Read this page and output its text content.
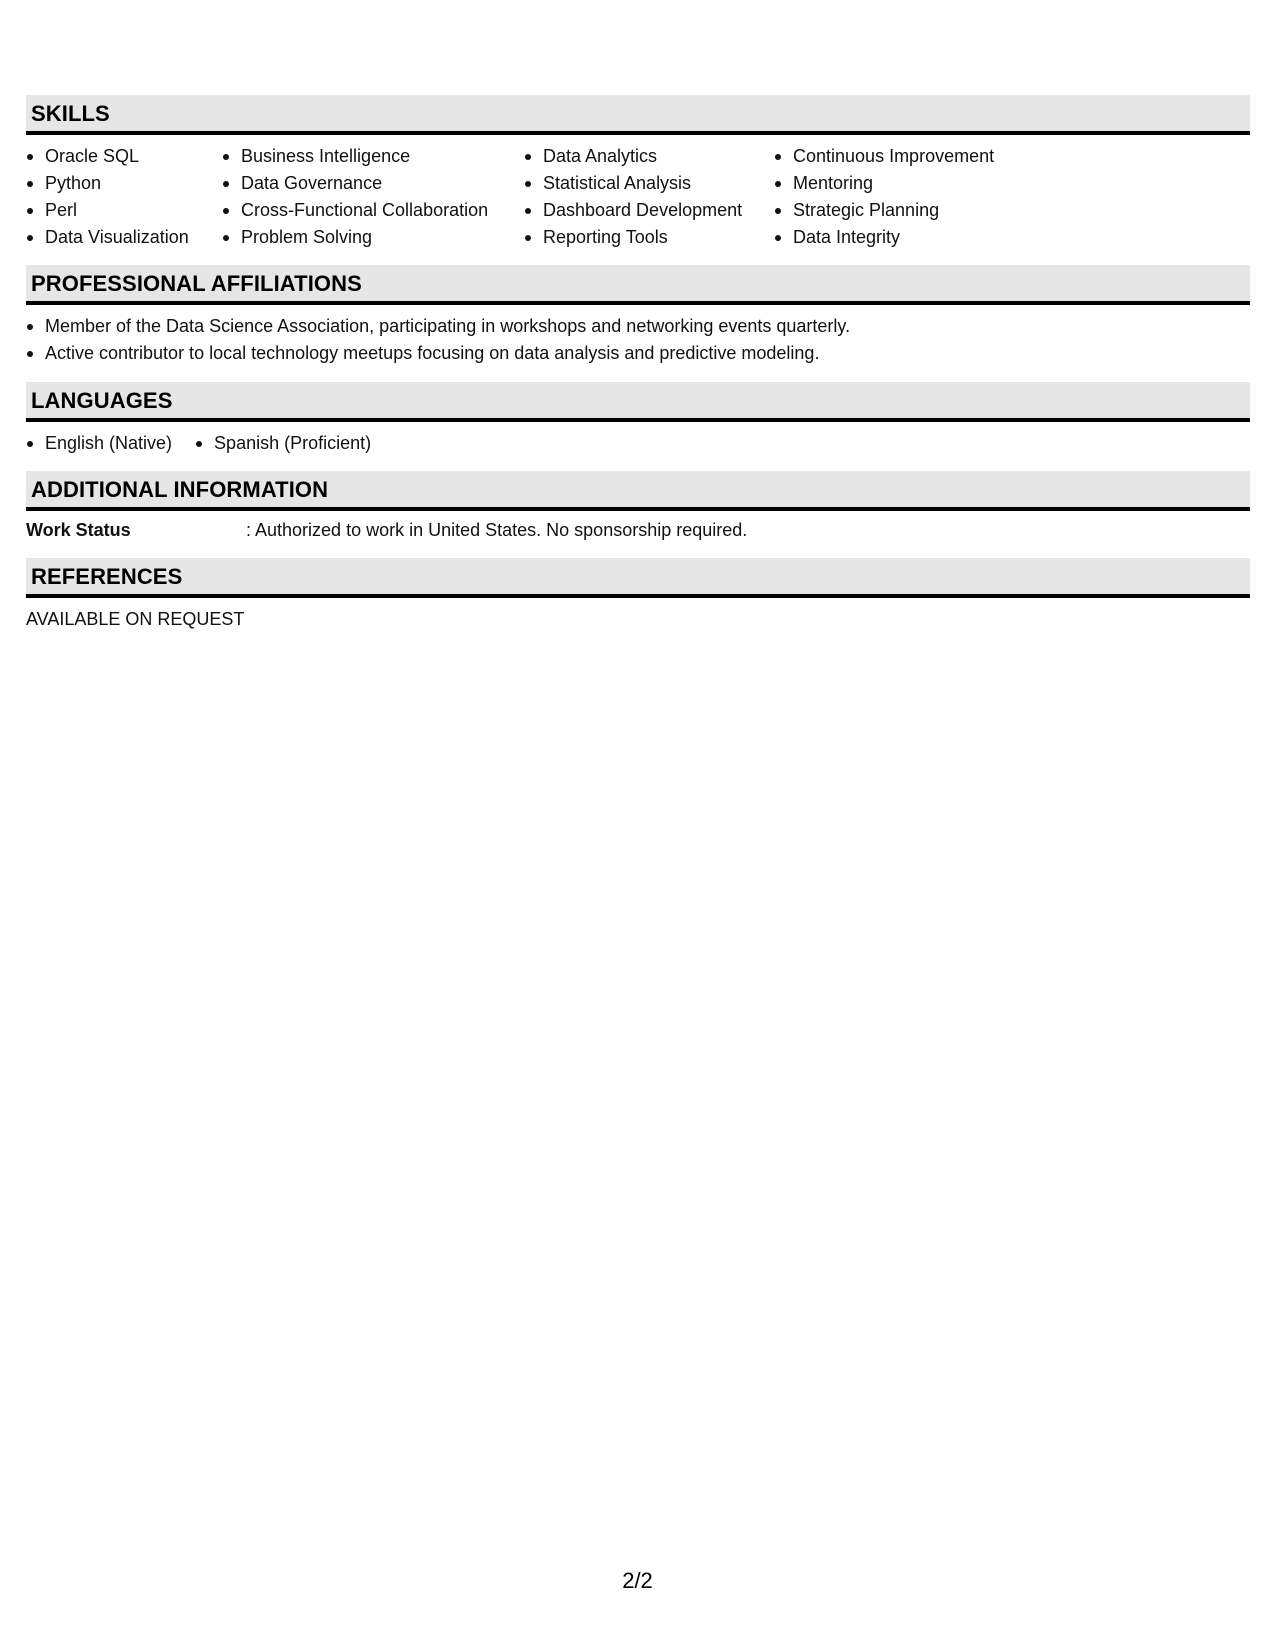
SKILLS
Oracle SQL
Python
Perl
Data Visualization
Business Intelligence
Data Governance
Cross-Functional Collaboration
Problem Solving
Data Analytics
Statistical Analysis
Dashboard Development
Reporting Tools
Continuous Improvement
Mentoring
Strategic Planning
Data Integrity
PROFESSIONAL AFFILIATIONS
Member of the Data Science Association, participating in workshops and networking events quarterly.
Active contributor to local technology meetups focusing on data analysis and predictive modeling.
LANGUAGES
English (Native)	Spanish (Proficient)
ADDITIONAL INFORMATION
Work Status	: Authorized to work in United States. No sponsorship required.
REFERENCES
AVAILABLE ON REQUEST
2/2
